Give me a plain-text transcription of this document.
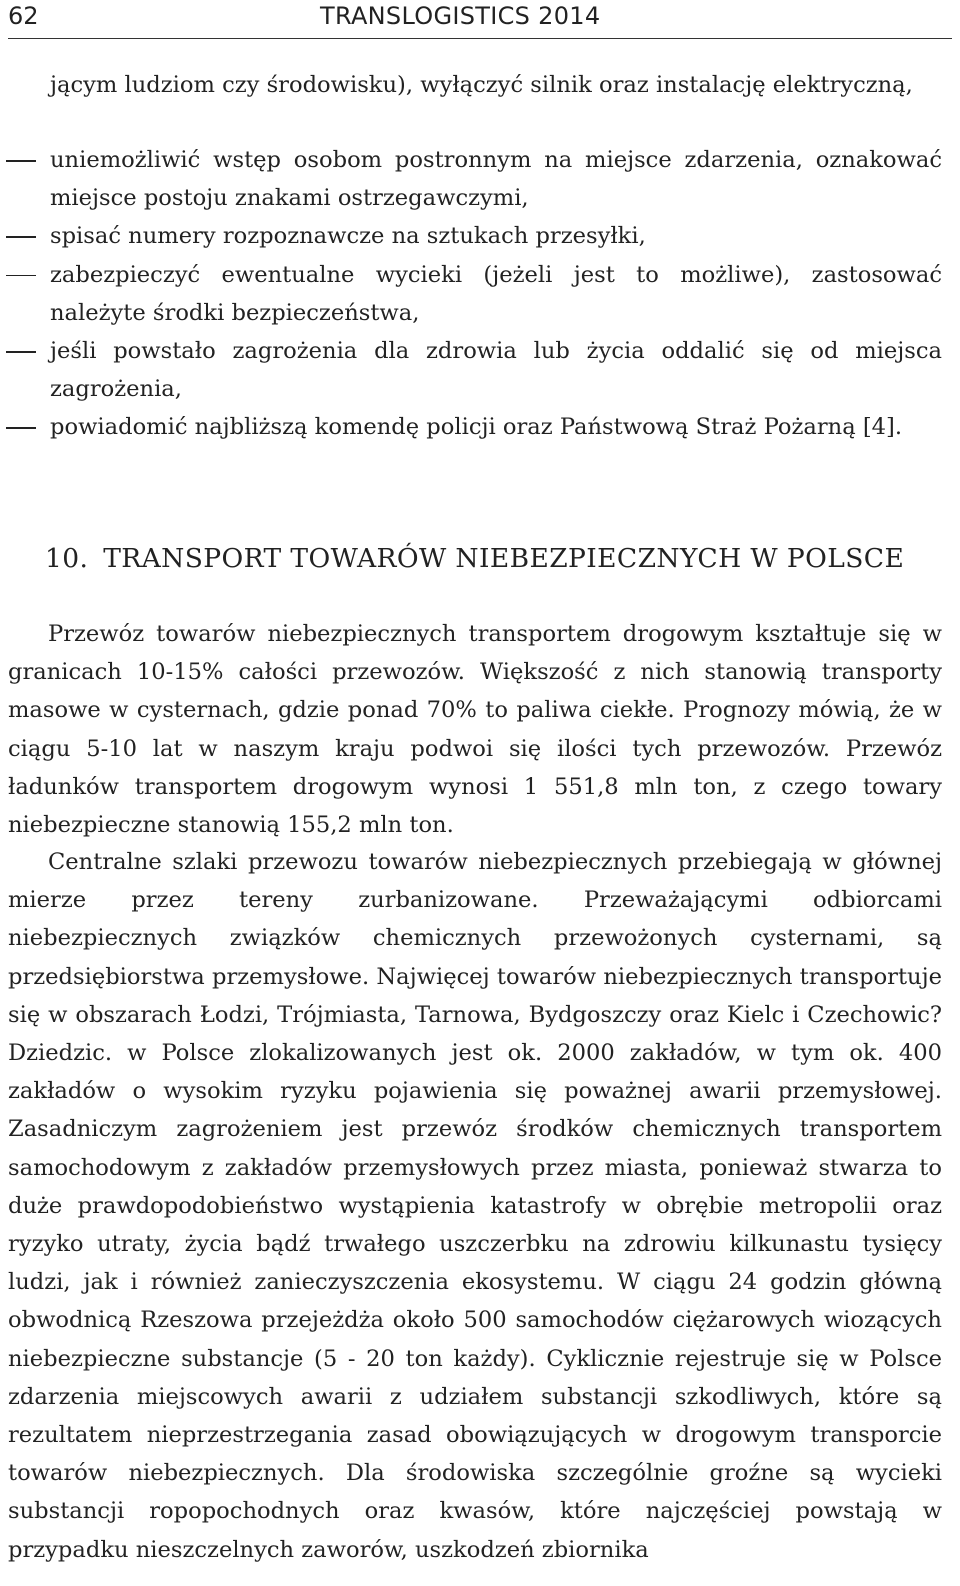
62	TRANSLOGISTICS 2014
jącym ludziom czy środowisku), wyłączyć silnik oraz instalację elektryczną,
uniemożliwić wstęp osobom postronnym na miejsce zdarzenia, oznakować miejsce postoju znakami ostrzegawczymi,
spisać numery rozpoznawcze na sztukach przesyłki,
zabezpieczyć ewentualne wycieki (jeżeli jest to możliwe), zastosować należyte środki bezpieczeństwa,
jeśli powstało zagrożenia dla zdrowia lub życia oddalić się od miejsca zagrożenia,
powiadomić najbliższą komendę policji oraz Państwową Straż Pożarną [4].
10. TRANSPORT TOWARÓW NIEBEZPIECZNYCH W POLSCE

Przewóz towarów niebezpiecznych transportem drogowym kształtuje się w granicach 10-15% całości przewozów. Większość z nich stanowią transporty masowe w cysternach, gdzie ponad 70% to paliwa ciekłe. Prognozy mówią, że w ciągu 5-10 lat w naszym kraju podwoi się ilości tych przewozów. Przewóz ładunków transportem drogowym wynosi 1 551,8 mln ton, z czego towary niebezpieczne stanowią 155,2 mln ton.

Centralne szlaki przewozu towarów niebezpiecznych przebiegają w głównej mierze przez tereny zurbanizowane. Przeważającymi odbiorcami niebezpiecznych związków chemicznych przewożonych cysternami, są przedsiębiorstwa przemysłowe. Najwięcej towarów niebezpiecznych transportuje się w obszarach Łodzi, Trójmiasta, Tarnowa, Bydgoszczy oraz Kielc i Czechowic?Dziedzic. w Polsce zlokalizowanych jest ok. 2000 zakładów, w tym ok. 400 zakładów o wysokim ryzyku pojawienia się poważnej awarii przemysłowej. Zasadniczym zagrożeniem jest przewóz środków chemicznych transportem samochodowym z zakładów przemysłowych przez miasta, ponieważ stwarza to duże prawdopodobieństwo wystąpienia katastrofy w obrębie metropolii oraz ryzyko utraty, życia bądź trwałego uszczerbku na zdrowiu kilkunastu tysięcy ludzi, jak i również zanieczyszczenia ekosystemu. W ciągu 24 godzin główną obwodnicą Rzeszowa przejeżdża około 500 samochodów ciężarowych wiozących niebezpieczne substancje (5 - 20 ton każdy). Cyklicznie rejestruje się w Polsce zdarzenia miejscowych awarii z udziałem substancji szkodliwych, które są rezultatem nieprzestrzegania zasad obowiązujących w drogowym transporcie towarów niebezpiecznych. Dla środowiska szczególnie groźne są wycieki substancji ropopochodnych oraz kwasów, które najczęściej powstają w przypadku nieszczelnych zaworów, uszkodzeń zbiornika
